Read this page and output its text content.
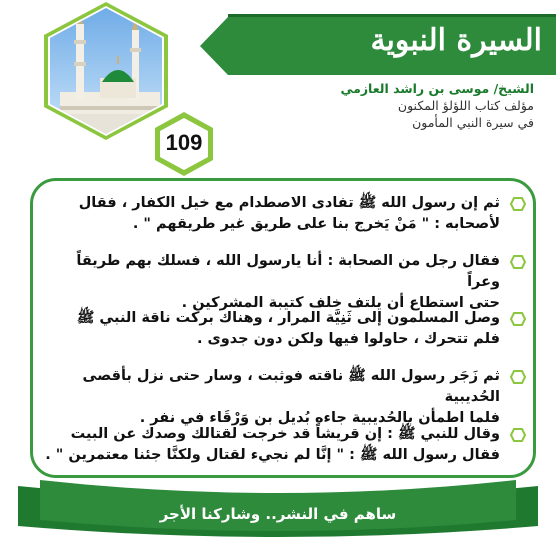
السيرة النبوية
الشيخ/ موسى بن راشد العازمي
مؤلف كتاب اللؤلؤ المكنون
في سيرة النبي المأمون
109
ثم إن رسول الله ﷺ تفادى الاصطدام مع خيل الكفار ، فقال
لأصحابه : " مَنْ يَخرج بنا على طريق غير طريقهم " .
فقال رجل من الصحابة : أنا يارسول الله ، فسلك بهم طريقاً وعراً
حتى استطاع أن يلتف خلف كتيبة المشركين .
وصل المسلمون إلى ثَنِيَّة المرار ، وهناك بركت ناقة النبي ﷺ
فلم تتحرك ، حاولوا فيها ولكن دون جدوى .
ثم زَجَر رسول الله ﷺ ناقته فوثبت ، وسار حتى نزل بأقصى الحُديبية
فلما اطمأن بالحُديبية جاءه بُديل بن وَرْقَاء في نفر .
وقال للنبي ﷺ : إن قريشاً قد خرجت لقتالك وصدك عن البيت
فقال رسول الله ﷺ : " إنَّا لم نجيء لقتال ولكنَّا جئنا معتمرين " .
ساهم في النشر.. وشاركنا الأجر
